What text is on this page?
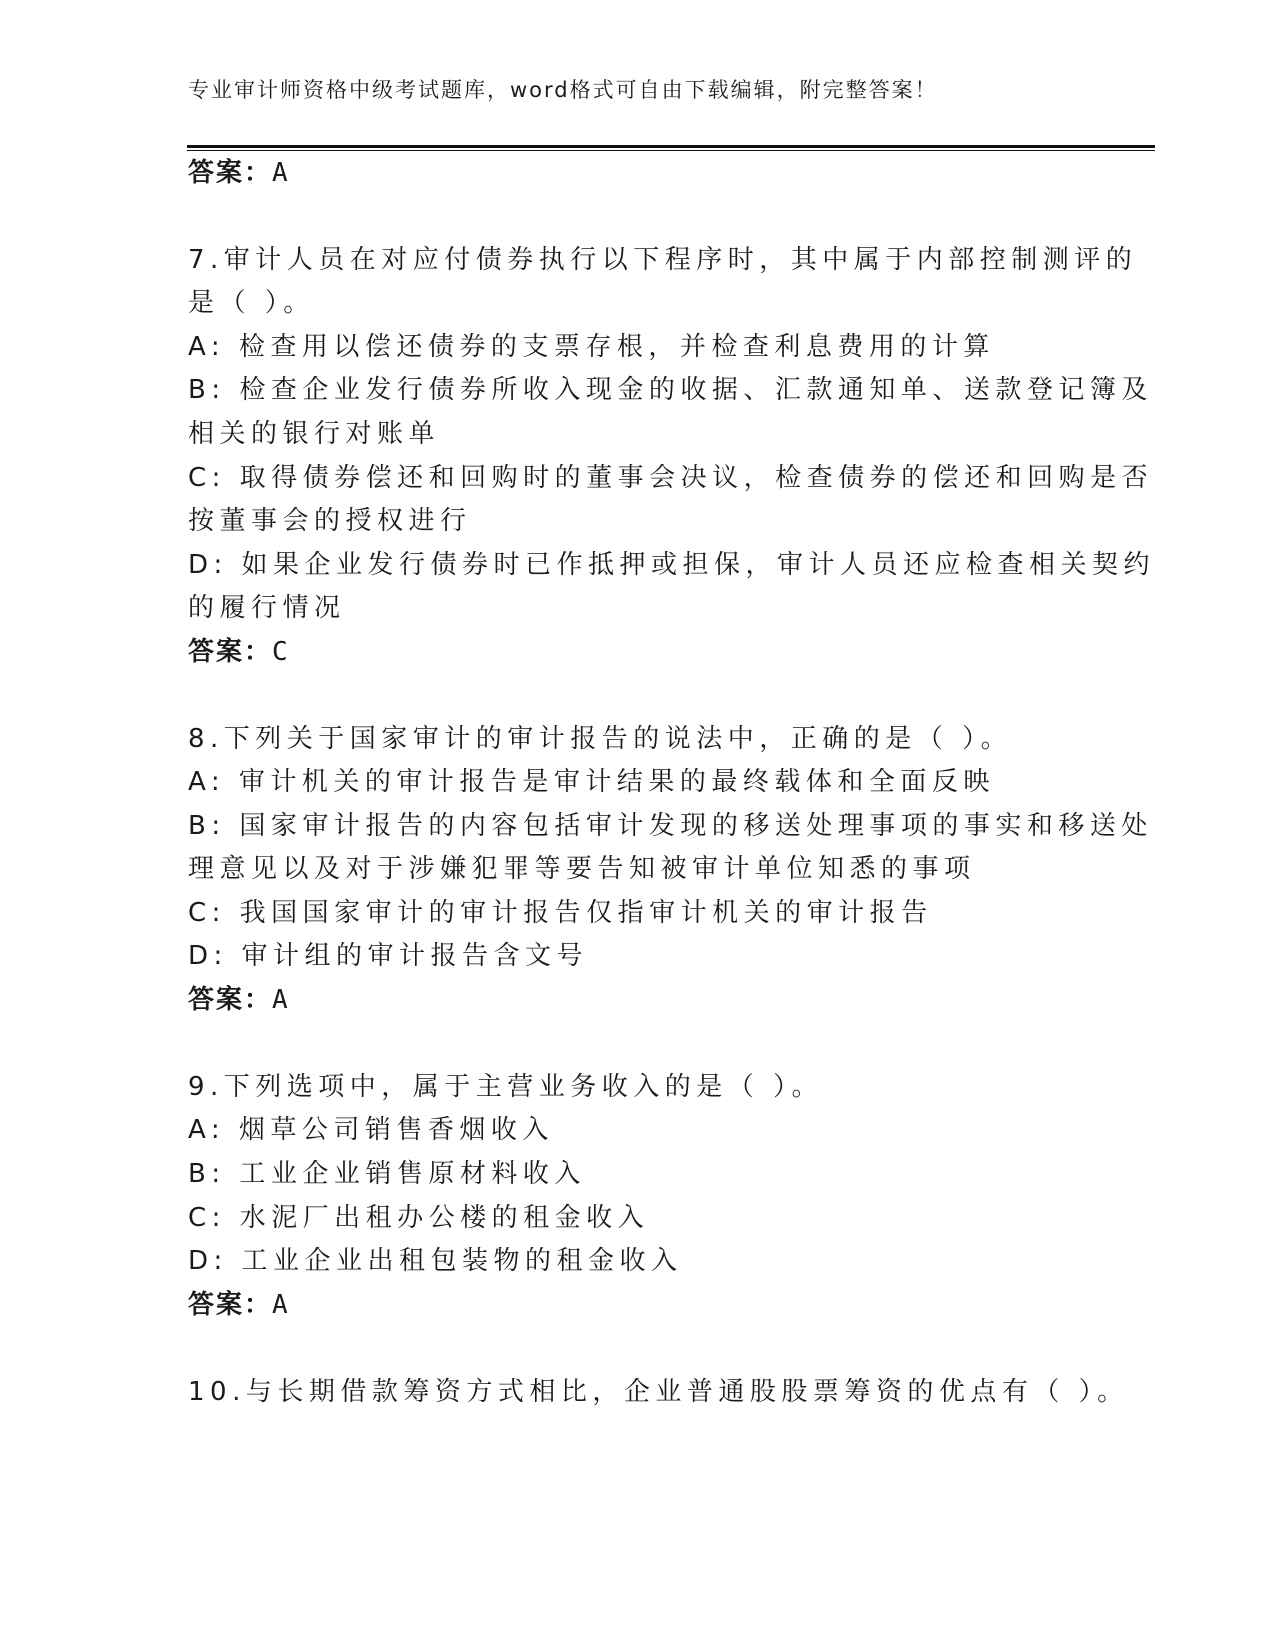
专业审计师资格中级考试题库，word格式可自由下载编辑，附完整答案！
答案：A
7.审计人员在对应付债券执行以下程序时，其中属于内部控制测评的
是（ ）。
A: 检查用以偿还债券的支票存根，并检查利息费用的计算
B: 检查企业发行债券所收入现金的收据、汇款通知单、送款登记簿及
相关的银行对账单
C: 取得债券偿还和回购时的董事会决议，检查债券的偿还和回购是否
按董事会的授权进行
D: 如果企业发行债券时已作抵押或担保，审计人员还应检查相关契约
的履行情况
答案：C
8.下列关于国家审计的审计报告的说法中，正确的是（ ）。
A: 审计机关的审计报告是审计结果的最终载体和全面反映
B: 国家审计报告的内容包括审计发现的移送处理事项的事实和移送处
理意见以及对于涉嫌犯罪等要告知被审计单位知悉的事项
C: 我国国家审计的审计报告仅指审计机关的审计报告
D: 审计组的审计报告含文号
答案：A
9.下列选项中，属于主营业务收入的是（ ）。
A: 烟草公司销售香烟收入
B: 工业企业销售原材料收入
C: 水泥厂出租办公楼的租金收入
D: 工业企业出租包装物的租金收入
答案：A
10.与长期借款筹资方式相比，企业普通股股票筹资的优点有（ ）。
